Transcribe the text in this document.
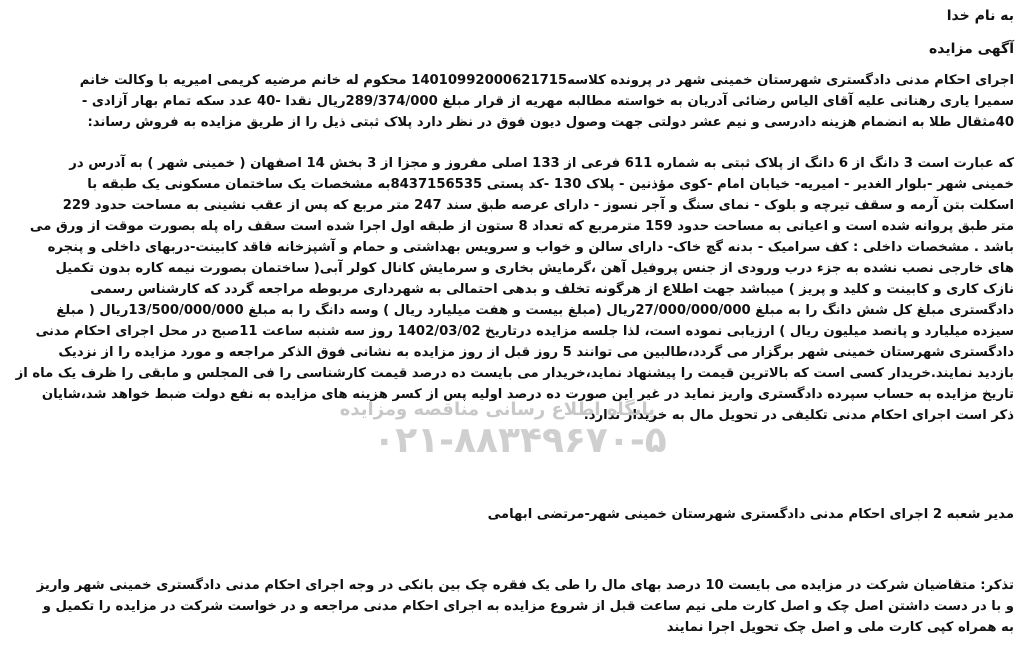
به نام خدا
آگهی مزایده
اجرای احکام مدنی دادگستری شهرستان خمینی شهر در پرونده کلاسه14010992000621715 محکوم له خانم مرضیه کریمی امیریه با وکالت خانم
سمیرا یاری رهنانی علیه آقای الیاس رضائی آدریان به خواسته مطالبه مهریه از قرار مبلغ 289/374/000ریال نقدا -40 عدد سکه تمام بهار آزادی -
40مثقال طلا به انضمام هزینه دادرسی و نیم عشر دولتی جهت وصول دیون فوق در نظر دارد پلاک ثبتی ذیل را از طریق مزایده به فروش رساند:
که عبارت است 3 دانگ از 6 دانگ از پلاک ثبتی به شماره 611 فرعی از 133 اصلی مفروز و مجزا از 3 بخش 14 اصفهان ( خمینی شهر ) به آدرس در
خمینی شهر -بلوار الغدیر - امیریه- خیابان امام -کوی مؤذنین - پلاک 130 -کد پستی 8437156535به مشخصات یک ساختمان مسکونی یک طبقه با
اسکلت بتن آرمه و سقف تیرچه و بلوک - نمای سنگ و آجر نسوز - دارای عرصه طبق سند 247 متر مربع که پس از عقب نشینی به مساحت حدود 229
متر طبق پروانه شده است و اعیانی به مساحت حدود 159 مترمربع که تعداد 8 ستون از طبقه اول اجرا شده است سقف راه پله بصورت موقت از ورق می
باشد . مشخصات داخلی : کف سرامیک - بدنه گچ خاک- دارای سالن و خواب و سرویس بهداشتی و حمام و آشپزخانه فاقد کابینت-دربهای داخلی و پنجره
های خارجی نصب نشده به جزء درب ورودی از جنس پروفیل آهن ،گرمایش بخاری و سرمایش کانال کولر آبی( ساختمان بصورت نیمه کاره بدون تکمیل
نازک کاری و کابینت و کلید و پریز ) میباشد جهت اطلاع از هرگونه تخلف و بدهی احتمالی به شهرداری مربوطه مراجعه گردد که کارشناس رسمی
دادگستری مبلغ کل شش دانگ را به مبلغ 27/000/000/000ریال (مبلغ بیست و هفت میلیارد ریال ) وسه دانگ را به مبلغ 13/500/000/000ریال ( مبلغ
سیزده میلیارد و پانصد میلیون ریال ) ارزیابی نموده است، لذا جلسه مزایده درتاریخ 1402/03/02 روز سه شنبه ساعت 11صبح در محل اجرای احکام مدنی
دادگستری شهرستان خمینی شهر برگزار می گردد،طالبین می توانند 5 روز قبل از روز مزایده به نشانی فوق الذکر مراجعه و مورد مزایده را از نزدیک
بازدید نمایند.خریدار کسی است که بالاترین قیمت را پیشنهاد نماید،خریدار می بایست ده درصد قیمت کارشناسی را فی المجلس و مابقی را ظرف یک ماه از
تاریخ مزایده به حساب سپرده دادگستری واریز نماید در غیر این صورت ده درصد اولیه پس از کسر هزینه های مزایده به نفع دولت ضبط خواهد شد،شایان
ذکر است اجرای احکام مدنی تکلیفی در تحویل مال به خریدار ندارد.
مدیر شعبه 2 اجرای احکام مدنی دادگستری شهرستان خمینی شهر-مرتضی ابهامی
تذکر: متقاضیان شرکت در مزایده می بایست 10 درصد بهای مال را طی یک فقره چک بین بانکی در وجه اجرای احکام مدنی دادگستری خمینی شهر واریز
و با در دست داشتن اصل چک و اصل کارت ملی نیم ساعت قبل از شروع مزایده به اجرای احکام مدنی مراجعه و در خواست شرکت در مزایده را تکمیل و
به همراه کپی کارت ملی و اصل چک تحویل اجرا نمایند
پایگاه اطلاع رسانی مناقصه ومزایده
۰۲۱-۸۸۳۴۹۶۷۰-۵
